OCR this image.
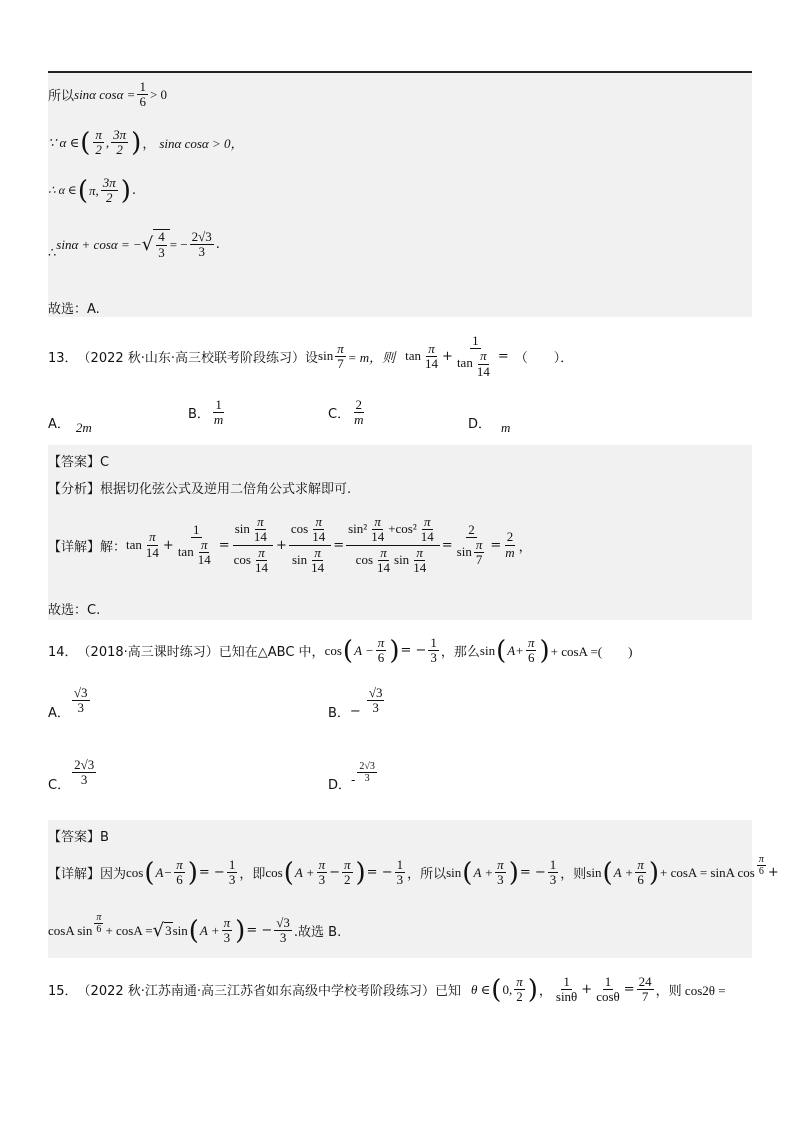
所以 sinα $\cos\alpha = \frac{1}{6} > 0$
∵ α ∈ ( $\frac{\pi}{2}$ , $\frac{3\pi}{2}$ ) ， sinα cosα > 0，
∴ α ∈ ( π, $\frac{3\pi}{2}$ ) .
∴
sinα + cosα = − √ $\frac{4}{3}$ = − $\frac{2√3}{3}$ .
故选：A.
13． （2022 秋·山东·高三校联考阶段练习）设 $\sin \frac{\pi}{7} = m$，则 $\tan \frac{\pi}{14} + \frac{1}{\tan \frac{\pi}{14}}$ = （　　）．
A． 2m
B． $\frac{1}{m}$	C． $\frac{2}{m}$	D． m
【答案】C
【分析】根据切化弦公式及逆用二倍角公式求解即可.
【详解】解： $\tan \frac{\pi}{14} + \frac{1}{\tan \frac{\pi}{14}} = \frac{\sin \frac{\pi}{14}}{\cos \frac{\pi}{14}} + \frac{\cos \frac{\pi}{14}}{\sin \frac{\pi}{14}} = \frac{\sin^2 \frac{\pi}{14} +\cos^2 \frac{\pi}{14}}{\cos \frac{\pi}{14} \sin \frac{\pi}{14}} = \frac{2}{\sin \frac{\pi}{7}} = \frac{2}{m}$ ，
故选：C.
14． （2018·高三课时练习）已知在△ABC 中， cos ( $A - \frac{\pi}{6}$ ) = − $\frac{1}{3}$ ，那么 sin ( $A+ \frac{\pi}{6}$ ) + cosA =(　　)
A． $\frac{√3}{3}$	B． − $\frac{√3}{3}$
C． $\frac{2√3}{3}$	D． - $\frac{2√3}{3}$
【答案】B
【详解】因为 cos ( $A- \frac{\pi}{6}$ ) = − $\frac{1}{3}$ ，即 cos ( $A + \frac{\pi}{3} - \frac{\pi}{2}$ ) = − $\frac{1}{3}$ ，所以 sin ( $A + \frac{\pi}{3}$ ) = − $\frac{1}{3}$ ，则 sin ( $A + \frac{\pi}{6}$ ) + cosA = sinA $\cos \frac{\pi}{6}$ +
cosA $\sin \frac{\pi}{6} + \cos A$ = √ 3 sin ( $A + \frac{\pi}{3}$ ) = − $\frac{√3}{3}$ .故选 B.
15． （2022 秋·江苏南通·高三江苏省如东高级中学校考阶段练习）已知 θ ∈ ( 0, $\frac{\pi}{2}$ ) ， $\frac{1}{\sin\theta} + \frac{1}{\cos\theta} = \frac{24}{7}$ ，则 cos2θ =
